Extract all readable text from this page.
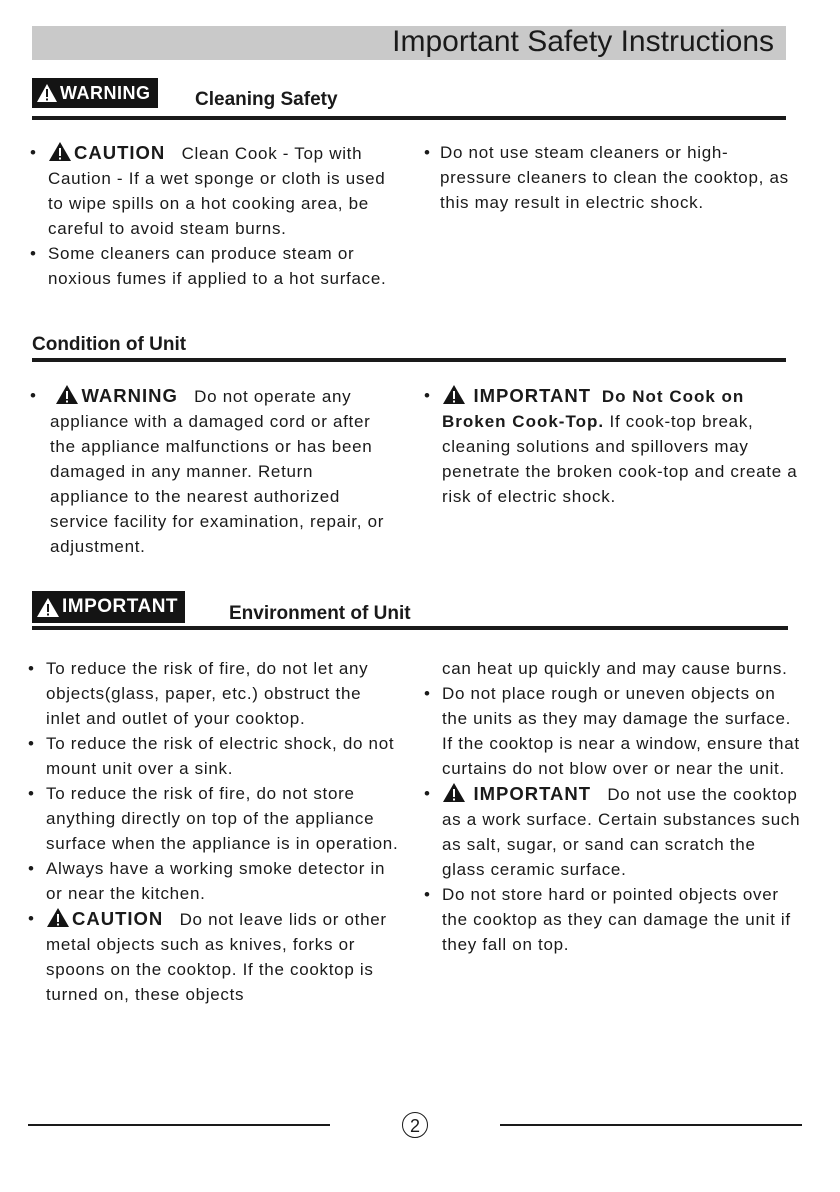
Important Safety Instructions
WARNING Cleaning Safety
• CAUTION Clean Cook - Top with Caution - If a wet sponge or cloth is used to wipe spills on a hot cooking area, be careful to avoid steam burns.
• Some cleaners can produce steam or noxious fumes if applied to a hot surface.
• Do not use steam cleaners or high-pressure cleaners to clean the cooktop, as this may result in electric shock.
Condition of Unit
• WARNING Do not operate any appliance with a damaged cord or after the appliance malfunctions or has been damaged in any manner. Return appliance to the nearest authorized service facility for examination, repair, or adjustment.
• IMPORTANT Do Not Cook on Broken Cook-Top. If cook-top break, cleaning solutions and spillovers may penetrate the broken cook-top and create a risk of electric shock.
IMPORTANT	Environment of Unit
• To reduce the risk of fire, do not let any objects(glass, paper, etc.) obstruct the inlet and outlet of your cooktop.
• To reduce the risk of electric shock, do not mount unit over a sink.
• To reduce the risk of fire, do not store anything directly on top of the appliance surface when the appliance is in operation.
• Always have a working smoke detector in or near the kitchen.
• CAUTION Do not leave lids or other metal objects such as knives, forks or spoons on the cooktop. If the cooktop is turned on, these objects
can heat up quickly and may cause burns.
• Do not place rough or uneven objects on the units as they may damage the surface. If the cooktop is near a window, ensure that curtains do not blow over or near the unit.
• IMPORTANT Do not use the cooktop as a work surface. Certain substances such as salt, sugar, or sand can scratch the glass ceramic surface.
• Do not store hard or pointed objects over the cooktop as they can damage the unit if they fall on top.
2
